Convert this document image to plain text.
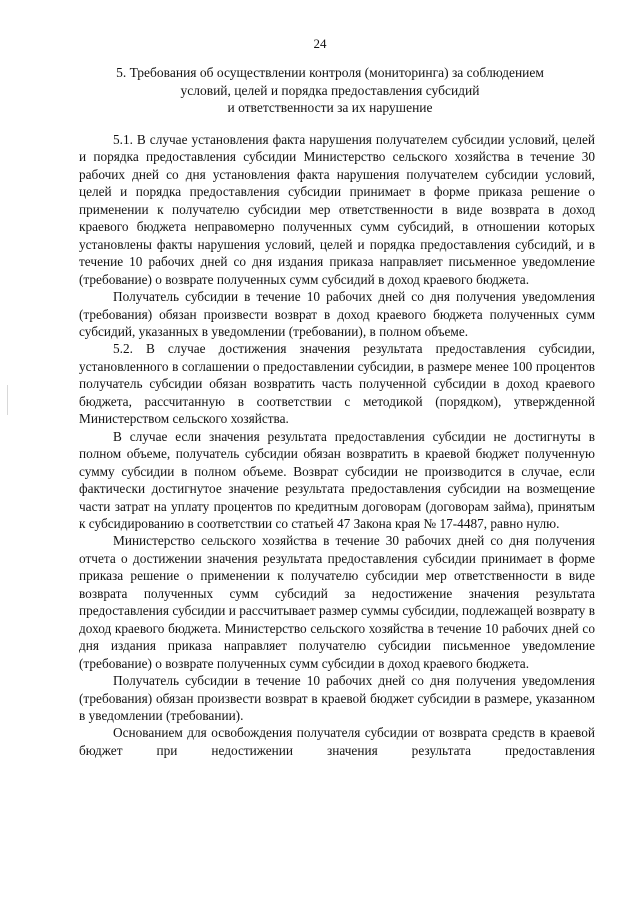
24
5. Требования об осуществлении контроля (мониторинга) за соблюдением
условий, целей и порядка предоставления субсидий
и ответственности за их нарушение

5.1. В случае установления факта нарушения получателем субсидии условий, целей и порядка предоставления субсидии Министерство сельского хозяйства в течение 30 рабочих дней со дня установления факта нарушения получателем субсидии условий, целей и порядка предоставления субсидии принимает в форме приказа решение о применении к получателю субсидии мер ответственности в виде возврата в доход краевого бюджета неправомерно полученных сумм субсидий, в отношении которых установлены факты нарушения условий, целей и порядка предоставления субсидий, и в течение 10 рабочих дней со дня издания приказа направляет письменное уведомление (требование) о возврате полученных сумм субсидий в доход краевого бюджета.

Получатель субсидии в течение 10 рабочих дней со дня получения уведомления (требования) обязан произвести возврат в доход краевого бюджета полученных сумм субсидий, указанных в уведомлении (требовании), в полном объеме.

5.2. В случае достижения значения результата предоставления субсидии, установленного в соглашении о предоставлении субсидии, в размере менее 100 процентов получатель субсидии обязан возвратить часть полученной субсидии в доход краевого бюджета, рассчитанную в соответствии с методикой (порядком), утвержденной Министерством сельского хозяйства.

В случае если значения результата предоставления субсидии не достигнуты в полном объеме, получатель субсидии обязан возвратить в краевой бюджет полученную сумму субсидии в полном объеме. Возврат субсидии не производится в случае, если фактически достигнутое значение результата предоставления субсидии на возмещение части затрат на уплату процентов по кредитным договорам (договорам займа), принятым к субсидированию в соответствии со статьей 47 Закона края № 17-4487, равно нулю.

Министерство сельского хозяйства в течение 30 рабочих дней со дня получения отчета о достижении значения результата предоставления субсидии принимает в форме приказа решение о применении к получателю субсидии мер ответственности в виде возврата полученных сумм субсидий за недостижение значения результата предоставления субсидии и рассчитывает размер суммы субсидии, подлежащей возврату в доход краевого бюджета. Министерство сельского хозяйства в течение 10 рабочих дней со дня издания приказа направляет получателю субсидии письменное уведомление (требование) о возврате полученных сумм субсидии в доход краевого бюджета.

Получатель субсидии в течение 10 рабочих дней со дня получения уведомления (требования) обязан произвести возврат в краевой бюджет субсидии в размере, указанном в уведомлении (требовании).

Основанием для освобождения получателя субсидии от возврата средств в краевой бюджет при недостижении значения результата предоставления
